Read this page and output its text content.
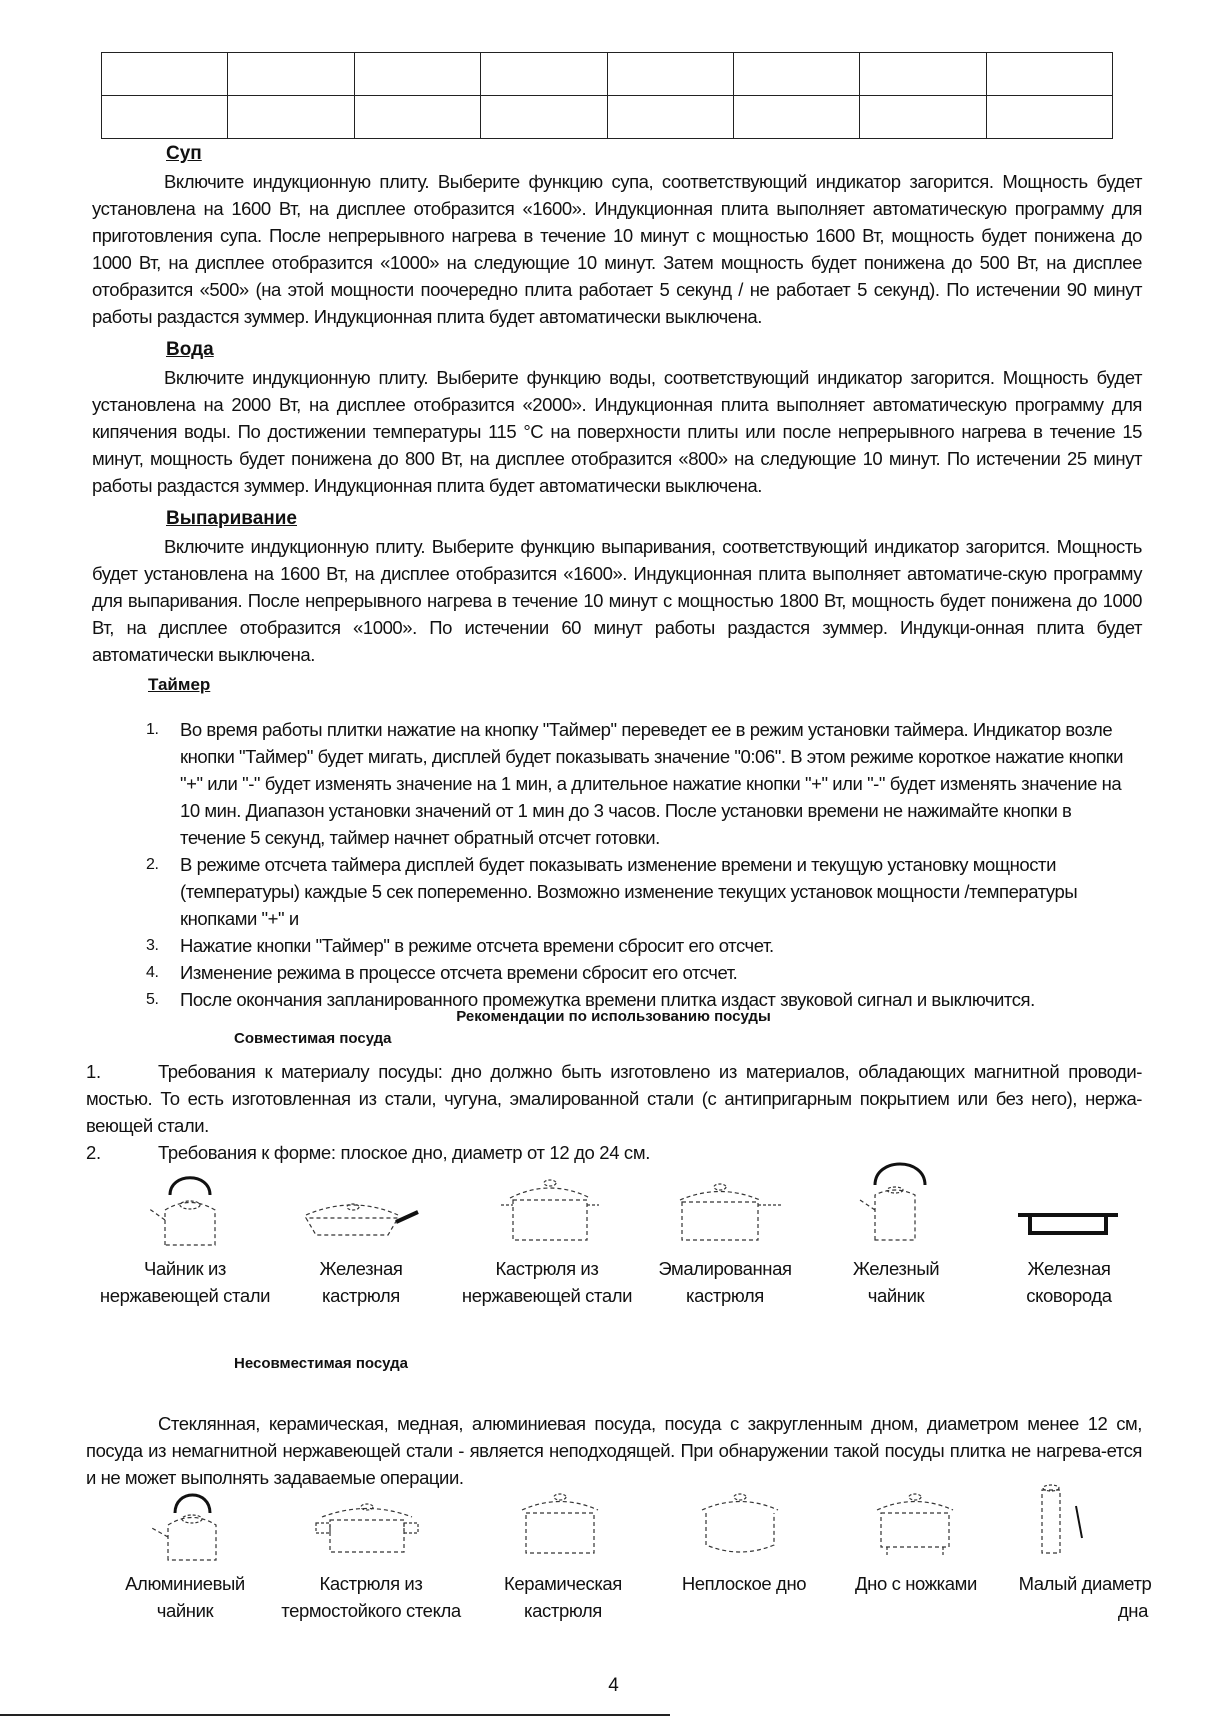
Суп
Включите индукционную плиту. Выберите функцию супа, соответствующий индикатор загорится. Мощность будет установлена на 1600 Вт, на дисплее отобразится «1600». Индукционная плита выполняет автоматическую программу для приготовления супа. После непрерывного нагрева в течение 10 минут с мощностью 1600 Вт, мощность будет понижена до 1000 Вт, на дисплее отобразится «1000» на следующие 10 минут. Затем мощность будет понижена до 500 Вт, на дисплее отобразится «500» (на этой мощности поочередно плита работает 5 секунд / не работает 5 секунд). По истечении 90 минут работы раздастся зуммер. Индукционная плита будет автоматически выключена.
Вода
Включите индукционную плиту. Выберите функцию воды, соответствующий индикатор загорится. Мощность будет установлена на 2000 Вт, на дисплее отобразится «2000». Индукционная плита выполняет автоматическую программу для кипячения воды. По достижении температуры 115 °С на поверхности плиты или после непрерывного нагрева в течение 15 минут, мощность будет понижена до 800 Вт, на дисплее отобразится «800» на следующие 10 минут. По истечении 25 минут работы раздастся зуммер. Индукционная плита будет автоматически выключена.
Выпаривание
Включите индукционную плиту. Выберите функцию выпаривания, соответствующий индикатор загорится. Мощность будет установлена на 1600 Вт, на дисплее отобразится «1600». Индукционная плита выполняет автоматиче-скую программу для выпаривания. После непрерывного нагрева в течение 10 минут с мощностью 1800 Вт, мощность будет понижена до 1000 Вт, на дисплее отобразится «1000». По истечении 60 минут работы раздастся зуммер. Индукци-онная плита будет автоматически выключена.
Таймер
1. Во время работы плитки нажатие на кнопку "Таймер" переведет ее в режим установки таймера. Индикатор возле кнопки "Таймер" будет мигать, дисплей будет показывать значение "0:06". В этом режиме короткое нажатие кнопки "+" или "-" будет изменять значение на 1 мин, а длительное нажатие кнопки "+" или "-" будет изменять значение на 10 мин. Диапазон установки значений от 1 мин до 3 часов. После установки времени не нажимайте кнопки в течение 5 секунд, таймер начнет обратный отсчет готовки.
2. В режиме отсчета таймера дисплей будет показывать изменение времени и текущую установку мощности (температуры) каждые 5 сек попеременно. Возможно изменение текущих установок мощности /температуры кнопками "+" и
3. Нажатие кнопки "Таймер" в режиме отсчета времени сбросит его отсчет.
4. Изменение режима в процессе отсчета времени сбросит его отсчет.
5. После окончания запланированного промежутка времени плитка издаст звуковой сигнал и выключится.
Рекомендации по использованию посуды
Совместимая посуда
1.	Требования к материалу посуды: дно должно быть изготовлено из материалов, обладающих магнитной проводи-мостью. То есть изготовленная из стали, чугуна, эмалированной стали (с антипригарным покрытием или без него), нержа-веющей стали.
2.	Требования к форме: плоское дно, диаметр от 12 до 24 см.
Чайник из
нержавеющей стали
Железная
кастрюля
Кастрюля из
нержавеющей стали
Эмалированная
кастрюля
Железный
чайник
Железная
сковорода
Несовместимая посуда
Стеклянная, керамическая, медная, алюминиевая посуда, посуда с закругленным дном, диаметром менее 12 см, посуда из немагнитной нержавеющей стали - является неподходящей. При обнаружении такой посуды плитка не нагрева-ется и не может выполнять задаваемые операции.
Алюминиевый
чайник
Кастрюля из
термостойкого стекла
Керамическая
кастрюля
Неплоское дно	Дно с ножками	Малый диаметр
дна
4
